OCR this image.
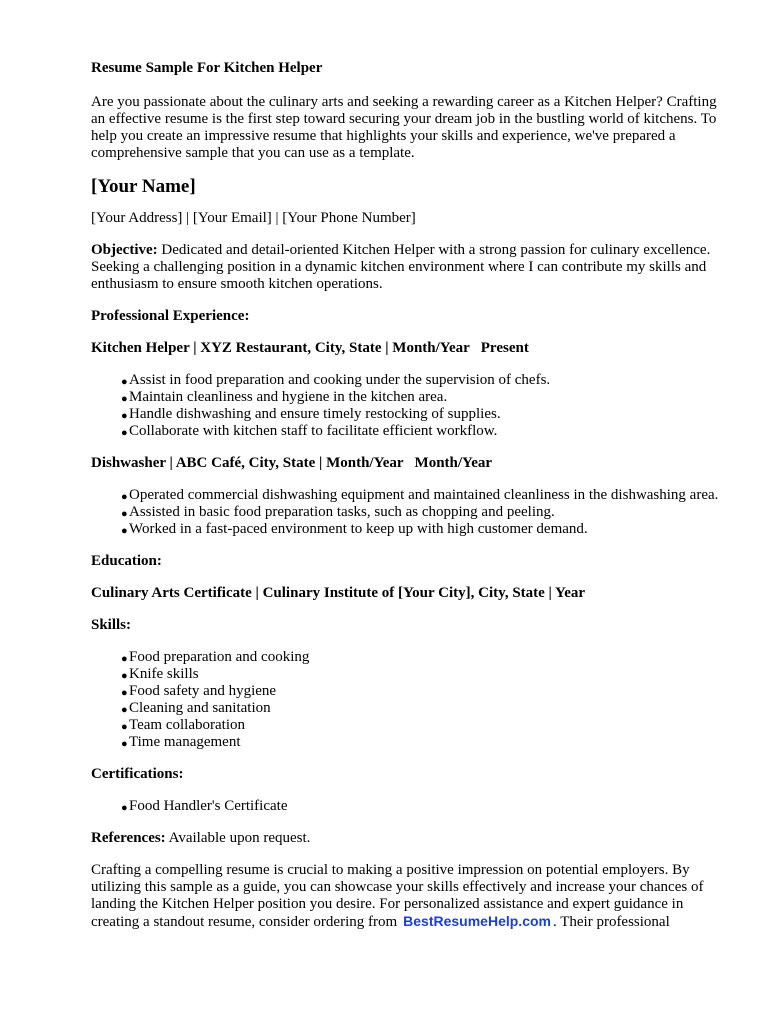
Resume Sample For Kitchen Helper

Are you passionate about the culinary arts and seeking a rewarding career as a Kitchen Helper? Crafting an effective resume is the first step toward securing your dream job in the bustling world of kitchens. To help you create an impressive resume that highlights your skills and experience, we've prepared a comprehensive sample that you can use as a template.

[Your Name]

[Your Address] | [Your Email] | [Your Phone Number]

Objective: Dedicated and detail-oriented Kitchen Helper with a strong passion for culinary excellence. Seeking a challenging position in a dynamic kitchen environment where I can contribute my skills and enthusiasm to ensure smooth kitchen operations.

Professional Experience:

Kitchen Helper | XYZ Restaurant, City, State | Month/Year   Present

● Assist in food preparation and cooking under the supervision of chefs.
● Maintain cleanliness and hygiene in the kitchen area.
● Handle dishwashing and ensure timely restocking of supplies.
● Collaborate with kitchen staff to facilitate efficient workflow.

Dishwasher | ABC Café, City, State | Month/Year   Month/Year

● Operated commercial dishwashing equipment and maintained cleanliness in the dishwashing area.
● Assisted in basic food preparation tasks, such as chopping and peeling.
● Worked in a fast-paced environment to keep up with high customer demand.

Education:

Culinary Arts Certificate | Culinary Institute of [Your City], City, State | Year

Skills:

● Food preparation and cooking
● Knife skills
● Food safety and hygiene
● Cleaning and sanitation
● Team collaboration
● Time management

Certifications:

● Food Handler's Certificate

References: Available upon request.

Crafting a compelling resume is crucial to making a positive impression on potential employers. By utilizing this sample as a guide, you can showcase your skills effectively and increase your chances of landing the Kitchen Helper position you desire. For personalized assistance and expert guidance in creating a standout resume, consider ordering from BestResumeHelp.com . Their professional
